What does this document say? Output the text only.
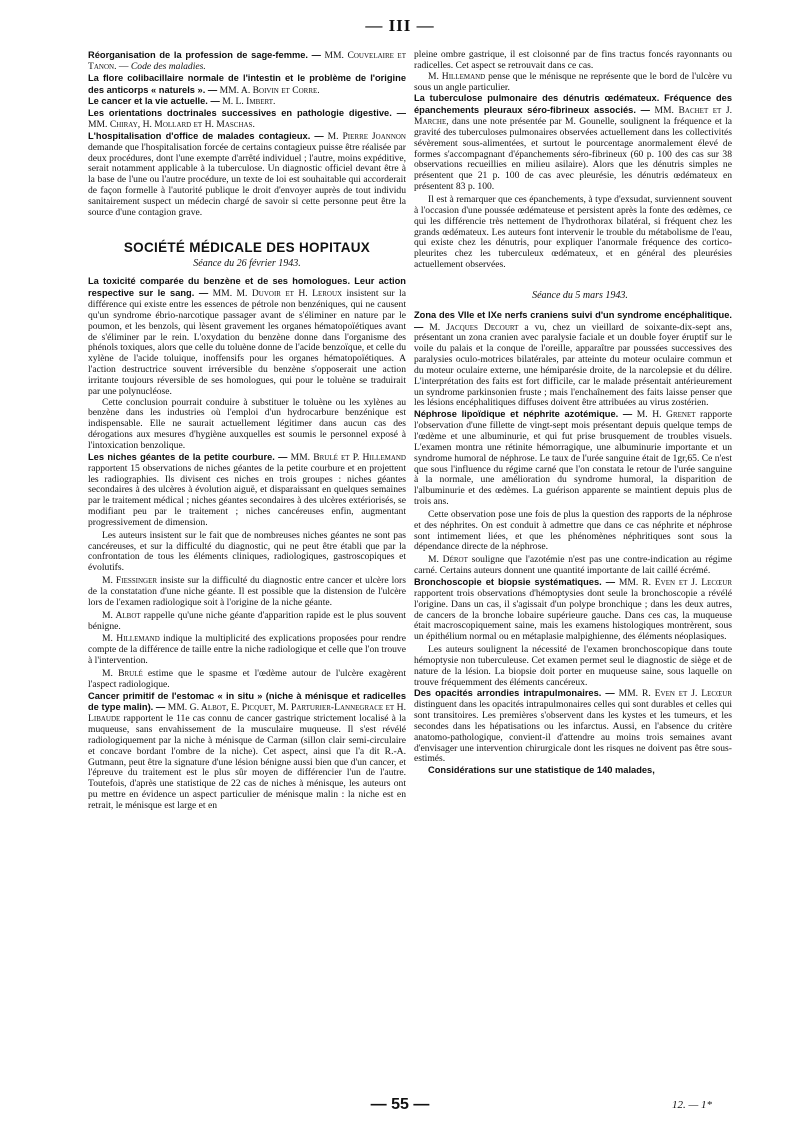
— III —

Réorganisation de la profession de sage-femme. — MM. Couvelaire et Tanon. — Code des maladies.

La flore colibacillaire normale de l'intestin et le problème de l'origine des anticorps « naturels ». — MM. A. Boivin et Corre.

Le cancer et la vie actuelle. — M. L. Imbert.

Les orientations doctrinales successives en pathologie digestive. — MM. Chiray, H. Mollard et H. Maschas.

L'hospitalisation d'office de malades contagieux. — M. Pierre Joannon demande que l'hospitalisation forcée de certains contagieux puisse être réalisée par deux procédures, dont l'une exempte d'arrêté individuel ; l'autre, moins expéditive, serait notamment applicable à la tuberculose. Un diagnostic officiel devant être à la base de l'une ou l'autre procédure, un texte de loi est souhaitable qui accorderait de façon formelle à l'autorité publique le droit d'envoyer auprès de tout individu sanitairement suspect un médecin chargé de savoir si cette personne peut être la source d'une contagion grave.

SOCIÉTÉ MÉDICALE DES HOPITAUX

Séance du 26 février 1943.

La toxicité comparée du benzène et de ses homologues. Leur action respective sur le sang. — MM. M. Duvoir et H. Leroux insistent sur la différence qui existe entre les essences de pétrole non benzéniques, qui ne causent qu'un syndrome ébrio-narcotique passager avant de s'éliminer en nature par le poumon, et les benzols, qui lèsent gravement les organes hématopoïétiques avant de s'éliminer par le rein. L'oxydation du benzène donne dans l'organisme des phénols toxiques, alors que celle du toluène donne de l'acide benzoïque, et celle du xylène de l'acide toluique, inoffensifs pour les organes hématopoïétiques. A l'action destructrice souvent irréversible du benzène s'opposerait une action irritante toujours réversible de ses homologues, qui pour le toluène se traduirait par une polynucléose.

Cette conclusion pourrait conduire à substituer le toluène ou les xylènes au benzène dans les industries où l'emploi d'un hydrocarbure benzénique est indispensable. Elle ne saurait actuellement légitimer dans aucun cas des dérogations aux mesures d'hygiène auxquelles est soumis le personnel exposé à l'intoxication benzolique.

Les niches géantes de la petite courbure. — MM. Brulé et P. Hillemand rapportent 15 observations de niches géantes de la petite courbure et en projettent les radiographies. Ils divisent ces niches en trois groupes : niches géantes secondaires à des ulcères à évolution aiguë, et disparaissant en quelques semaines par le traitement médical ; niches géantes secondaires à des ulcères extériorisés, se modifiant peu par le traitement ; niches cancéreuses enfin, augmentant progressivement de dimension.

Les auteurs insistent sur le fait que de nombreuses niches géantes ne sont pas cancéreuses, et sur la difficulté du diagnostic, qui ne peut être établi que par la confrontation de tous les éléments cliniques, radiologiques, gastroscopiques et évolutifs.

M. Fiessinger insiste sur la difficulté du diagnostic entre cancer et ulcère lors de la constatation d'une niche géante. Il est possible que la distension de l'ulcère lors de l'examen radiologique soit à l'origine de la niche géante.

M. Albot rappelle qu'une niche géante d'apparition rapide est le plus souvent bénigne.

M. Hillemand indique la multiplicité des explications proposées pour rendre compte de la différence de taille entre la niche radiologique et celle que l'on trouve à l'intervention.

M. Brulé estime que le spasme et l'œdème autour de l'ulcère exagèrent l'aspect radiologique.

Cancer primitif de l'estomac « in situ » (niche à ménisque et radicelles de type malin). — MM. G. Albot, E. Picquet, M. Parturier-Lannegrace et H. Libaude rapportent le 11e cas connu de cancer gastrique strictement localisé à la muqueuse, sans envahissement de la musculaire muqueuse. Il s'est révélé radiologiquement par la niche à ménisque de Carman (sillon clair semi-circulaire et concave bordant l'ombre de la niche). Cet aspect, ainsi que l'a dit R.-A. Gutmann, peut être la signature d'une lésion bénigne aussi bien que d'un cancer, et l'épreuve du traitement est le plus sûr moyen de différencier l'un de l'autre. Toutefois, d'après une statistique de 22 cas de niches à ménisque, les auteurs ont pu mettre en évidence un aspect particulier de ménisque malin : la niche est en retrait, le ménisque est large et en

pleine ombre gastrique, il est cloisonné par de fins tractus foncés rayonnants ou radicelles. Cet aspect se retrouvait dans ce cas.

M. Hillemand pense que le ménisque ne représente que le bord de l'ulcère vu sous un angle particulier.

La tuberculose pulmonaire des dénutris œdémateux. Fréquence des épanchements pleuraux séro-fibrineux associés. — MM. Bachet et J. Marche, dans une note présentée par M. Gounelle, soulignent la fréquence et la gravité des tuberculoses pulmonaires observées actuellement dans les collectivités sévèrement sous-alimentées, et surtout le pourcentage anormalement élevé de formes s'accompagnant d'épanchements séro-fibrineux (60 p. 100 des cas sur 38 observations recueillies en milieu asilaire). Alors que les dénutris simples ne présentent que 21 p. 100 de cas avec pleurésie, les dénutris œdémateux en présentent 83 p. 100.

Il est à remarquer que ces épanchements, à type d'exsudat, surviennent souvent à l'occasion d'une poussée œdémateuse et persistent après la fonte des œdèmes, ce qui les différencie très nettement de l'hydrothorax bilatéral, si fréquent chez les grands œdémateux. Les auteurs font intervenir le trouble du métabolisme de l'eau, qui existe chez les dénutris, pour expliquer l'anormale fréquence des cortico-pleurites chez les tuberculeux œdémateux, et en général des pleurésies actuellement observées.

Séance du 5 mars 1943.

Zona des VIIe et IXe nerfs craniens suivi d'un syndrome encéphalitique. — M. Jacques Decourt a vu, chez un vieillard de soixante-dix-sept ans, présentant un zona cranien avec paralysie faciale et un double foyer éruptif sur le voile du palais et la conque de l'oreille, apparaître par poussées successives des paralysies oculo-motrices bilatérales, par atteinte du moteur oculaire commun et du moteur oculaire externe, une hémiparésie droite, de la narcolepsie et du délire. L'interprétation des faits est fort difficile, car le malade présentait antérieurement un syndrome parkinsonien fruste ; mais l'enchaînement des faits laisse penser que les lésions encéphalitiques diffuses doivent être attribuées au virus zostérien.

Néphrose lipoïdique et néphrite azotémique. — M. H. Grenet rapporte l'observation d'une fillette de vingt-sept mois présentant depuis quelque temps de l'œdème et une albuminurie, et qui fut prise brusquement de troubles visuels. L'examen montra une rétinite hémorragique, une albuminurie importante et un syndrome humoral de néphrose. Le taux de l'urée sanguine était de 1gr,65. Ce n'est que sous l'influence du régime carné que l'on constata le retour de l'urée sanguine à la normale, une amélioration du syndrome humoral, la disparition de l'albuminurie et des œdèmes. La guérison apparente se maintient depuis plus de trois ans.

Cette observation pose une fois de plus la question des rapports de la néphrose et des néphrites. On est conduit à admettre que dans ce cas néphrite et néphrose sont intimement liées, et que les phénomènes néphritiques sont sous la dépendance directe de la néphrose.

M. Dérot souligne que l'azotémie n'est pas une contre-indication au régime carné. Certains auteurs donnent une quantité importante de lait caillé écrémé.

Bronchoscopie et biopsie systématiques. — MM. R. Even et J. Lecœur rapportent trois observations d'hémoptysies dont seule la bronchoscopie a révélé l'origine. Dans un cas, il s'agissait d'un polype bronchique ; dans les deux autres, de cancers de la bronche lobaire supérieure gauche. Dans ces cas, la muqueuse était macroscopiquement saine, mais les examens histologiques montrèrent, sous un épithélium normal ou en métaplasie malpighienne, des éléments néoplasiques.

Les auteurs soulignent la nécessité de l'examen bronchoscopique dans toute hémoptysie non tuberculeuse. Cet examen permet seul le diagnostic de siège et de nature de la lésion. La biopsie doit porter en muqueuse saine, sous laquelle on trouve fréquemment des éléments cancéreux.

Des opacités arrondies intrapulmonaires. — MM. R. Even et J. Lecœur distinguent dans les opacités intrapulmonaires celles qui sont durables et celles qui sont transitoires. Les premières s'observent dans les kystes et les tumeurs, et les secondes dans les hépatisations ou les infarctus. Aussi, en l'absence du critère anatomo-pathologique, convient-il d'attendre au moins trois semaines avant d'envisager une intervention chirurgicale dont les risques ne doivent pas être sous-estimés.

Considérations sur une statistique de 140 malades,

— 55 —	12. — 1*
